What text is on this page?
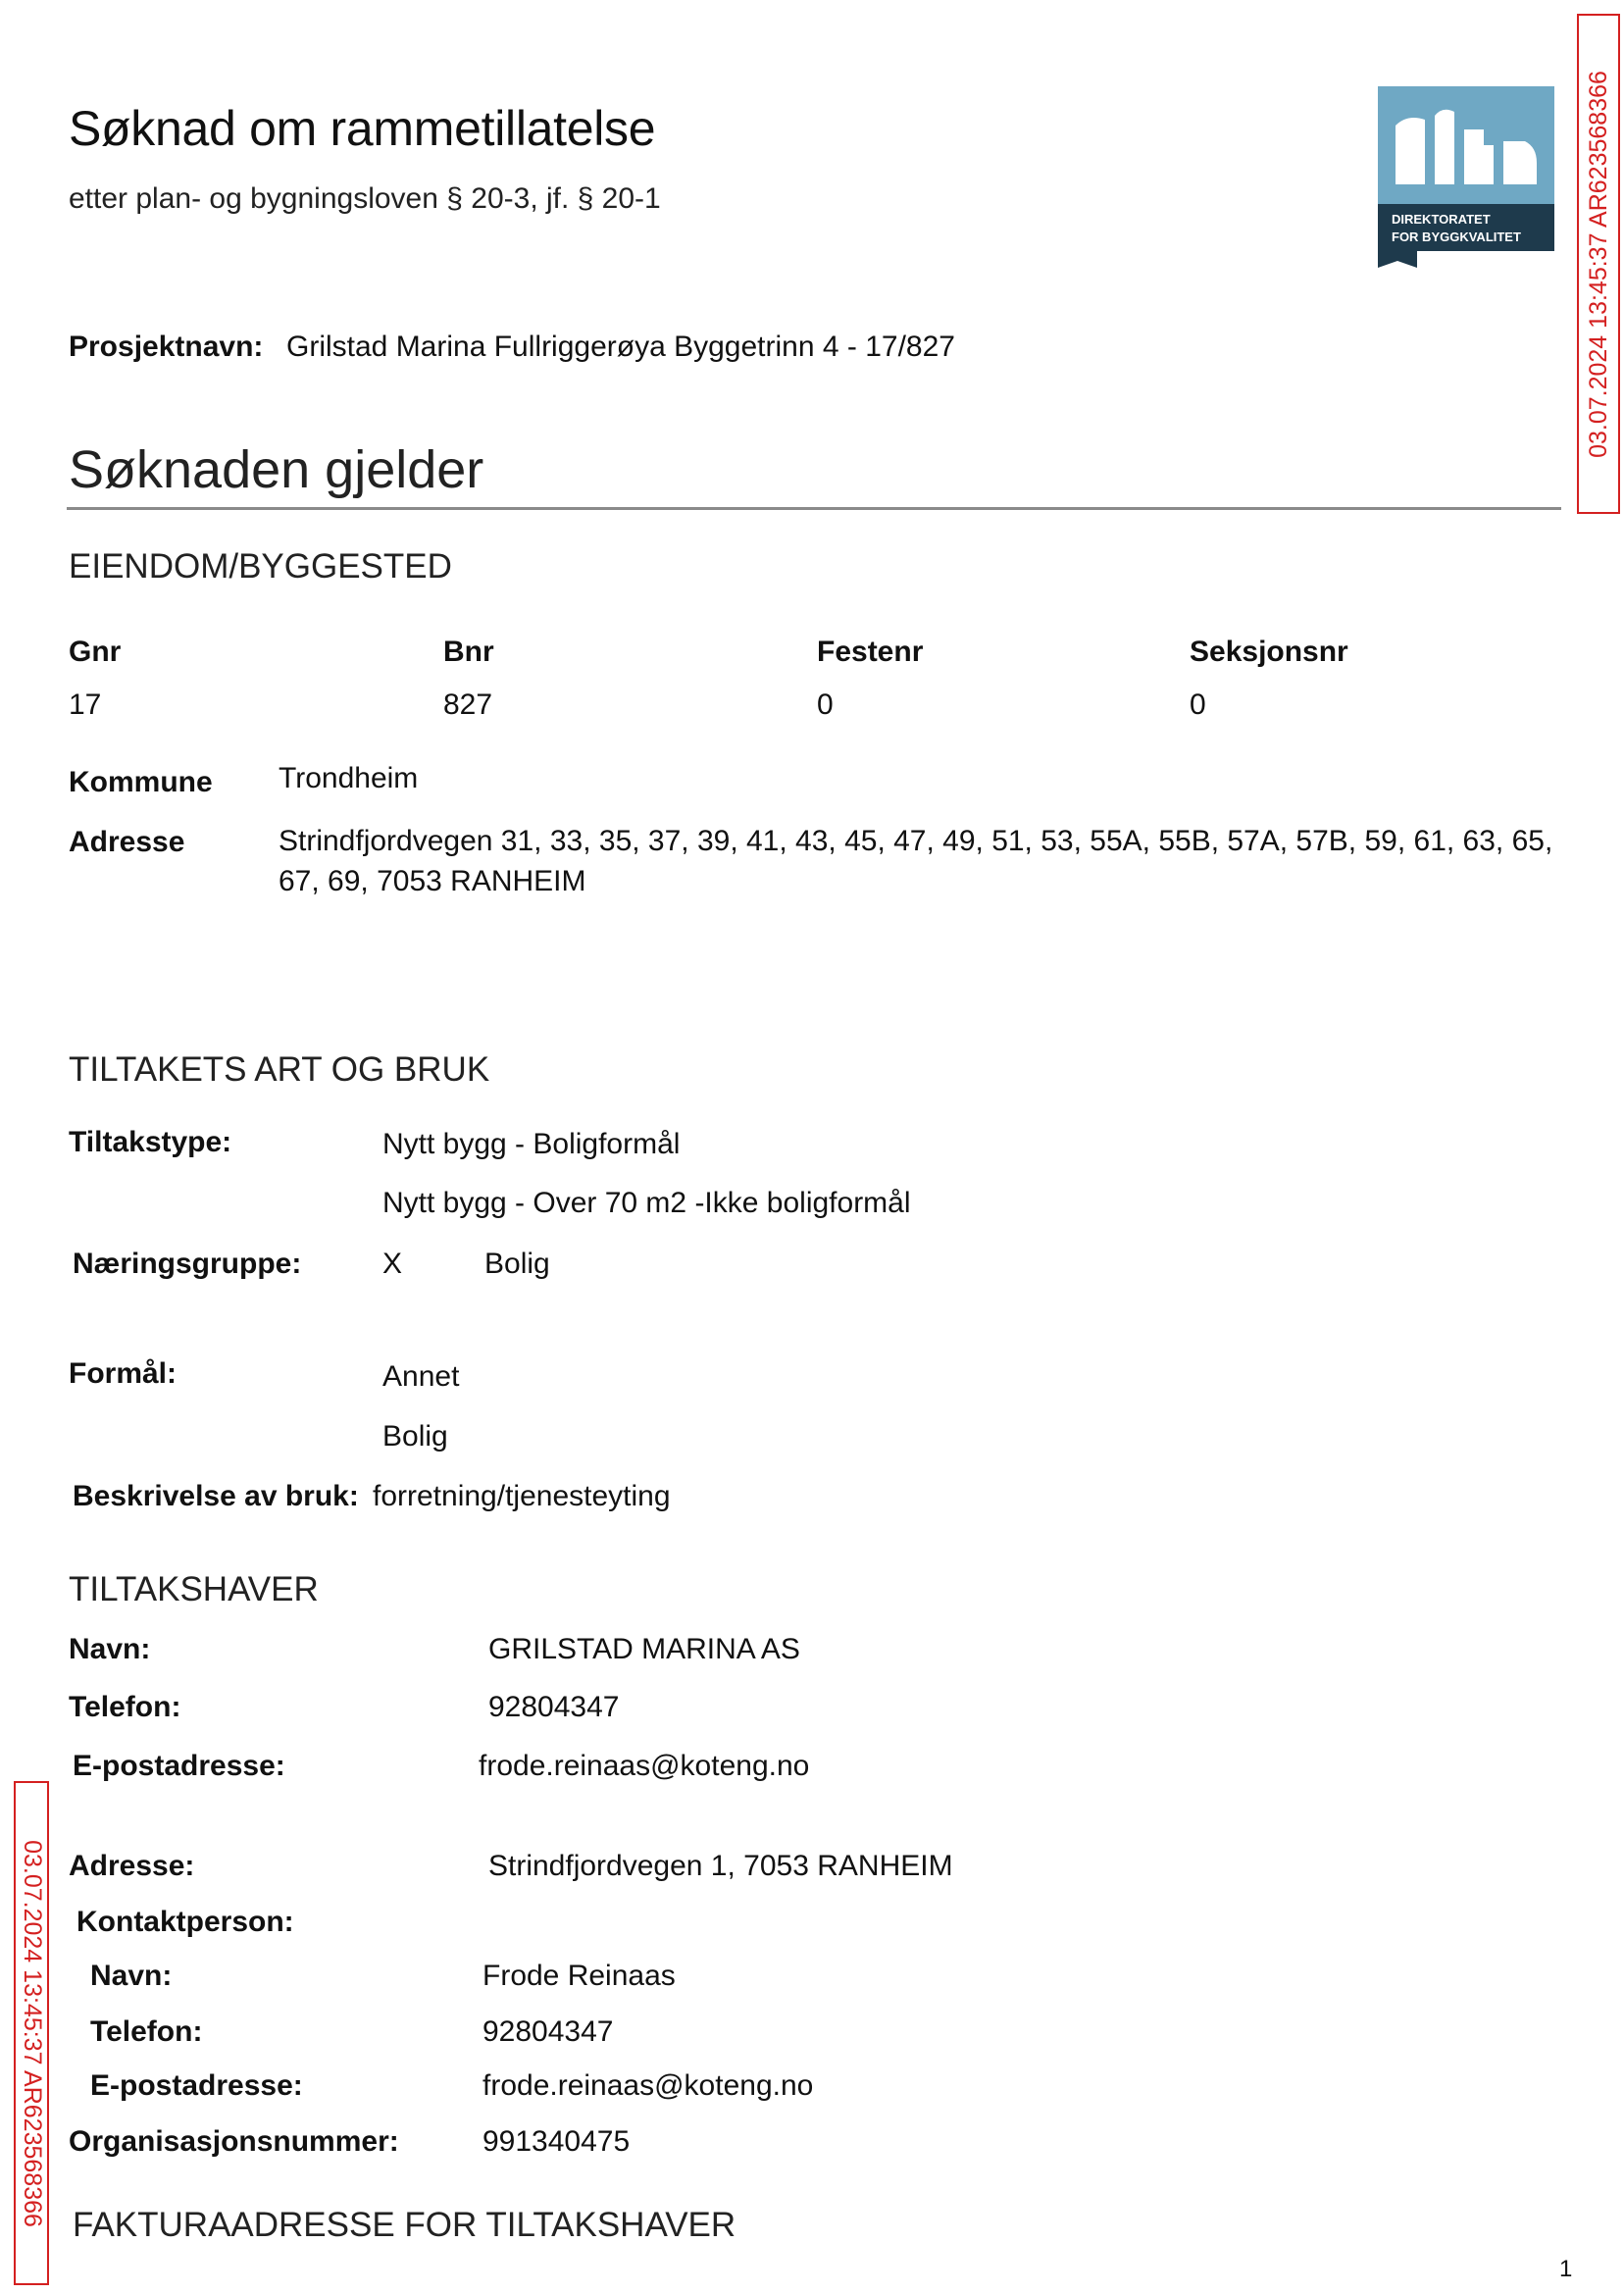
Søknad om rammetillatelse
etter plan- og bygningsloven § 20-3, jf. § 20-1
DIREKTORATET
FOR BYGGKVALITET
Prosjektnavn: Grilstad Marina Fullriggerøya Byggetrinn 4 - 17/827
Søknaden gjelder
EIENDOM/BYGGESTED
Gnr	Bnr	Festenr	Seksjonsnr
17	827	0	0
Kommune Trondheim
Adresse	Strindfjordvegen 31, 33, 35, 37, 39, 41, 43, 45, 47, 49, 51, 53, 55A, 55B, 57A, 57B, 59, 61, 63, 65,
67, 69, 7053 RANHEIM
TILTAKETS ART OG BRUK
Tiltakstype:	Nytt bygg - Boligformål
Nytt bygg - Over 70 m2 -Ikke boligformål
Næringsgruppe:	X	Bolig
Formål:	Annet
Bolig
Beskrivelse av bruk: forretning/tjenesteyting
TILTAKSHAVER
Navn:	GRILSTAD MARINA AS
Telefon:	92804347
E-postadresse:	frode.reinaas@koteng.no
Adresse:	Strindfjordvegen 1, 7053 RANHEIM
Kontaktperson:
Navn:	Frode Reinaas
Telefon:	92804347
E-postadresse:	frode.reinaas@koteng.no
Organisasjonsnummer:	991340475
FAKTURAADRESSE FOR TILTAKSHAVER
1
03.07.2024 13:45:37 AR623568366
03.07.2024 13:45:37 AR623568366
